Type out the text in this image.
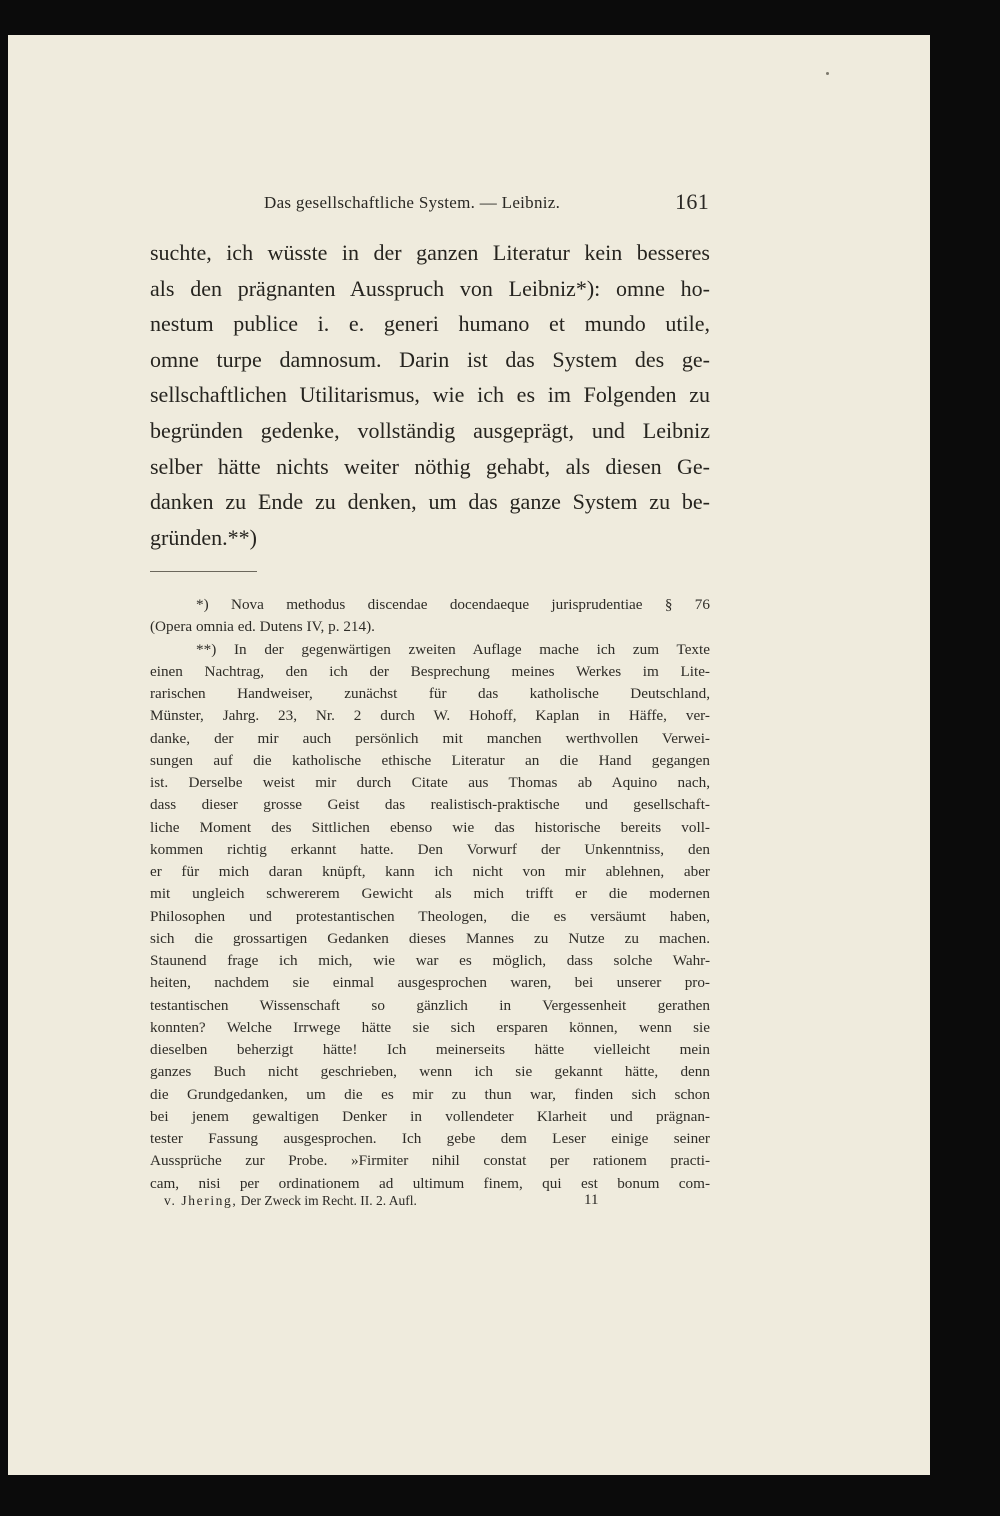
Das gesellschaftliche System. — Leibniz.	161
suchte, ich wüsste in der ganzen Literatur kein besseres
als den prägnanten Ausspruch von Leibniz*): omne ho-
nestum publice i. e. generi humano et mundo utile,
omne turpe damnosum. Darin ist das System des ge-
sellschaftlichen Utilitarismus, wie ich es im Folgenden zu
begründen gedenke, vollständig ausgeprägt, und Leibniz
selber hätte nichts weiter nöthig gehabt, als diesen Ge-
danken zu Ende zu denken, um das ganze System zu be-
gründen.**)
*) Nova methodus discendae docendaeque jurisprudentiae § 76
(Opera omnia ed. Dutens IV, p. 214).
**) In der gegenwärtigen zweiten Auflage mache ich zum Texte
einen Nachtrag, den ich der Besprechung meines Werkes im Lite-
rarischen Handweiser, zunächst für das katholische Deutschland,
Münster, Jahrg. 23, Nr. 2 durch W. Hohoff, Kaplan in Häffe, ver-
danke, der mir auch persönlich mit manchen werthvollen Verwei-
sungen auf die katholische ethische Literatur an die Hand gegangen
ist. Derselbe weist mir durch Citate aus Thomas ab Aquino nach,
dass dieser grosse Geist das realistisch-praktische und gesellschaft-
liche Moment des Sittlichen ebenso wie das historische bereits voll-
kommen richtig erkannt hatte. Den Vorwurf der Unkenntniss, den
er für mich daran knüpft, kann ich nicht von mir ablehnen, aber
mit ungleich schwererem Gewicht als mich trifft er die modernen
Philosophen und protestantischen Theologen, die es versäumt haben,
sich die grossartigen Gedanken dieses Mannes zu Nutze zu machen.
Staunend frage ich mich, wie war es möglich, dass solche Wahr-
heiten, nachdem sie einmal ausgesprochen waren, bei unserer pro-
testantischen Wissenschaft so gänzlich in Vergessenheit gerathen
konnten? Welche Irrwege hätte sie sich ersparen können, wenn sie
dieselben beherzigt hätte! Ich meinerseits hätte vielleicht mein
ganzes Buch nicht geschrieben, wenn ich sie gekannt hätte, denn
die Grundgedanken, um die es mir zu thun war, finden sich schon
bei jenem gewaltigen Denker in vollendeter Klarheit und prägnan-
tester Fassung ausgesprochen. Ich gebe dem Leser einige seiner
Aussprüche zur Probe. »Firmiter nihil constat per rationem practi-
cam, nisi per ordinationem ad ultimum finem, qui est bonum com-
v. Jhering, Der Zweck im Recht. II. 2. Aufl.	11
